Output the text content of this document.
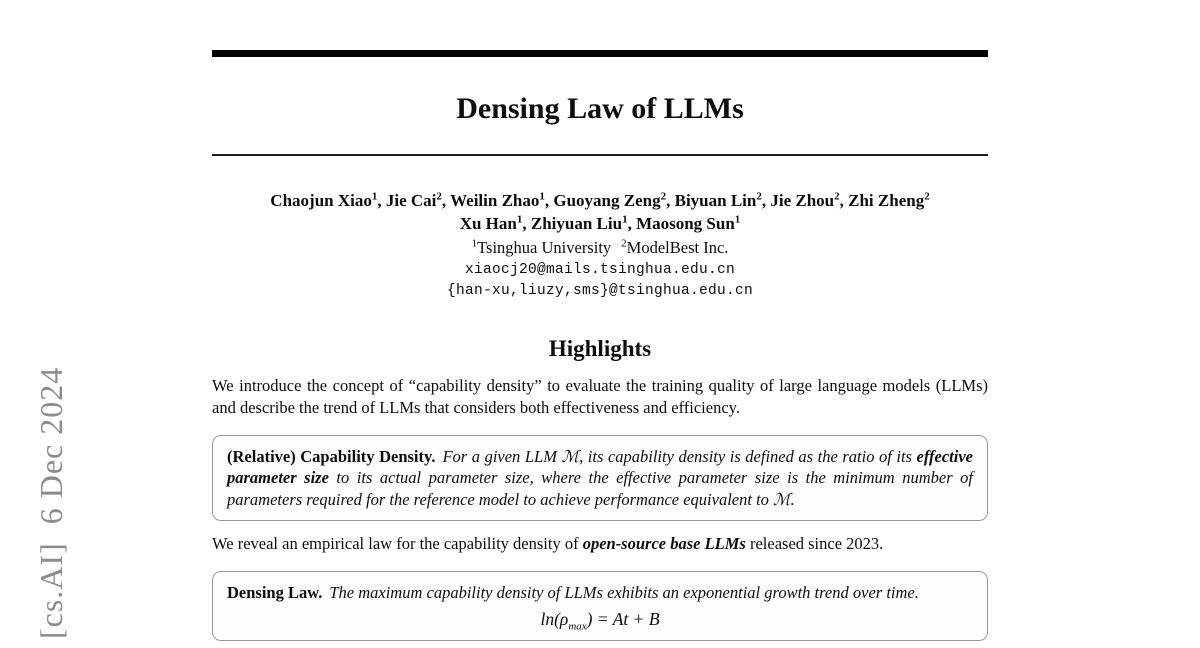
[cs.AI]  6 Dec 2024
Densing Law of LLMs
Chaojun Xiao$^1$, Jie Cai$^2$, Weilin Zhao$^1$, Guoyang Zeng$^2$, Biyuan Lin$^2$, Jie Zhou$^2$, Zhi Zheng$^2$
Xu Han$^1$, Zhiyuan Liu$^1$, Maosong Sun$^1$
$^1$Tsinghua University $^2$ModelBest Inc.
xiaocj20@mails.tsinghua.edu.cn
{han-xu,liuzy,sms}@tsinghua.edu.cn
Highlights

We introduce the concept of “capability density” to evaluate the training quality of large language models (LLMs) and describe the trend of LLMs that considers both effectiveness and efficiency.

(Relative) Capability Density. For a given LLM ℳ, its capability density is defined as the ratio of its effective parameter size to its actual parameter size, where the effective parameter size is the minimum number of parameters required for the reference model to achieve performance equivalent to ℳ.

We reveal an empirical law for the capability density of open-source base LLMs released since 2023.

Densing Law. The maximum capability density of LLMs exhibits an exponential growth trend over time.
$\ln(\rho_{max}) = At + B$
